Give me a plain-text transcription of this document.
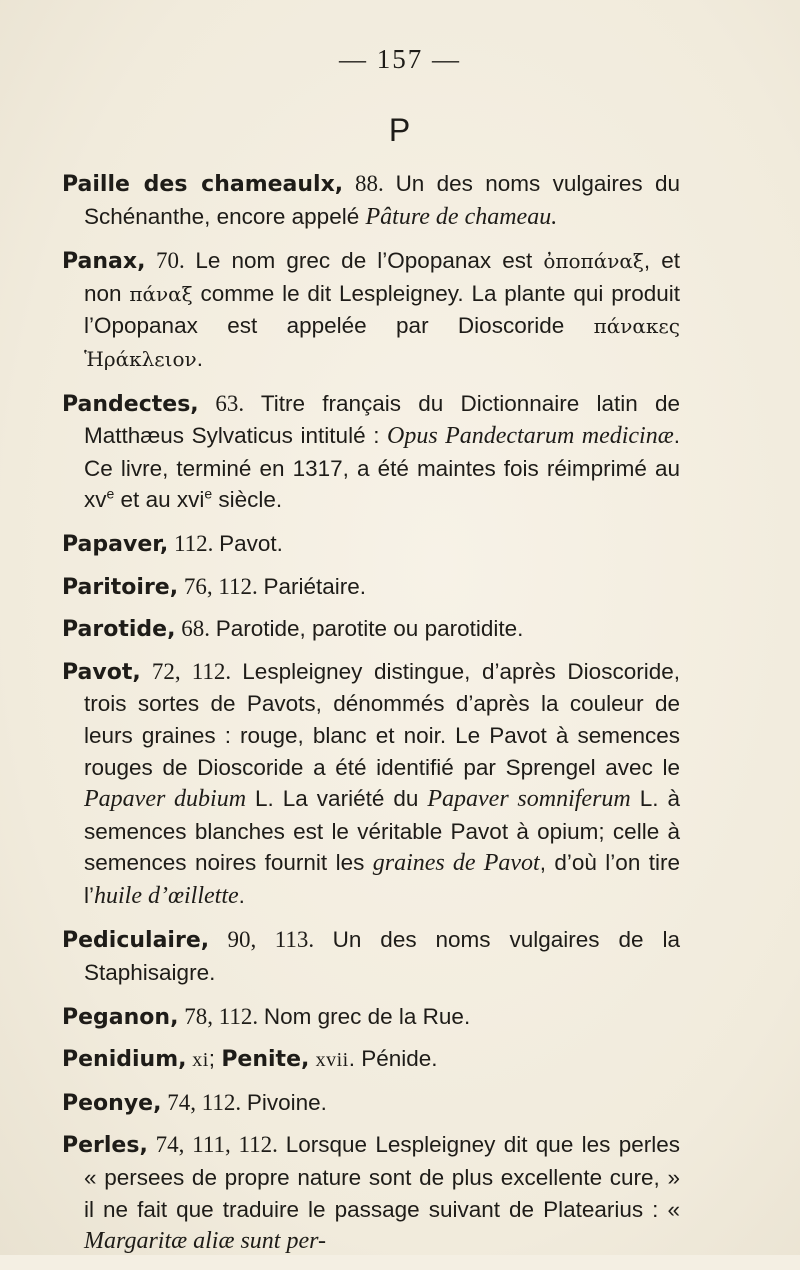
— 157 —
P

Paille des chameaulx, 88. Un des noms vulgaires du Schénanthe, encore appelé Pâture de chameau.

Panax, 70. Le nom grec de l’Opopanax est ὀποπάναξ, et non πάναξ comme le dit Lespleigney. La plante qui produit l’Opopanax est appelée par Dioscoride πάνακες Ἡράκλειον.

Pandectes, 63. Titre français du Dictionnaire latin de Matthæus Sylvaticus intitulé : Opus Pandectarum medicinæ. Ce livre, terminé en 1317, a été maintes fois réimprimé au $xv^e$ et au xvi$^e$ siècle.

Papaver, 112. Pavot.

Paritoire, 76, 112. Pariétaire.

Parotide, 68. Parotide, parotite ou parotidite.

Pavot, 72, 112. Lespleigney distingue, d’après Dioscoride, trois sortes de Pavots, dénommés d’après la couleur de leurs graines : rouge, blanc et noir. Le Pavot à semences rouges de Dioscoride a été identifié par Sprengel avec le Papaver dubium L. La variété du Papaver somniferum L. à semences blanches est le véritable Pavot à opium; celle à semences noires fournit les graines de Pavot, d’où l’on tire l’huile d’œillette.

Pediculaire, 90, 113. Un des noms vulgaires de la Staphisaigre.

Peganon, 78, 112. Nom grec de la Rue.

Penidium, xi; Penite, xvii. Pénide.

Peonye, 74, 112. Pivoine.

Perles, 74, 111, 112. Lorsque Lespleigney dit que les perles « persees de propre nature sont de plus excellente cure, » il ne fait que traduire le passage suivant de Platearius : « Margaritæ aliæ sunt per-
